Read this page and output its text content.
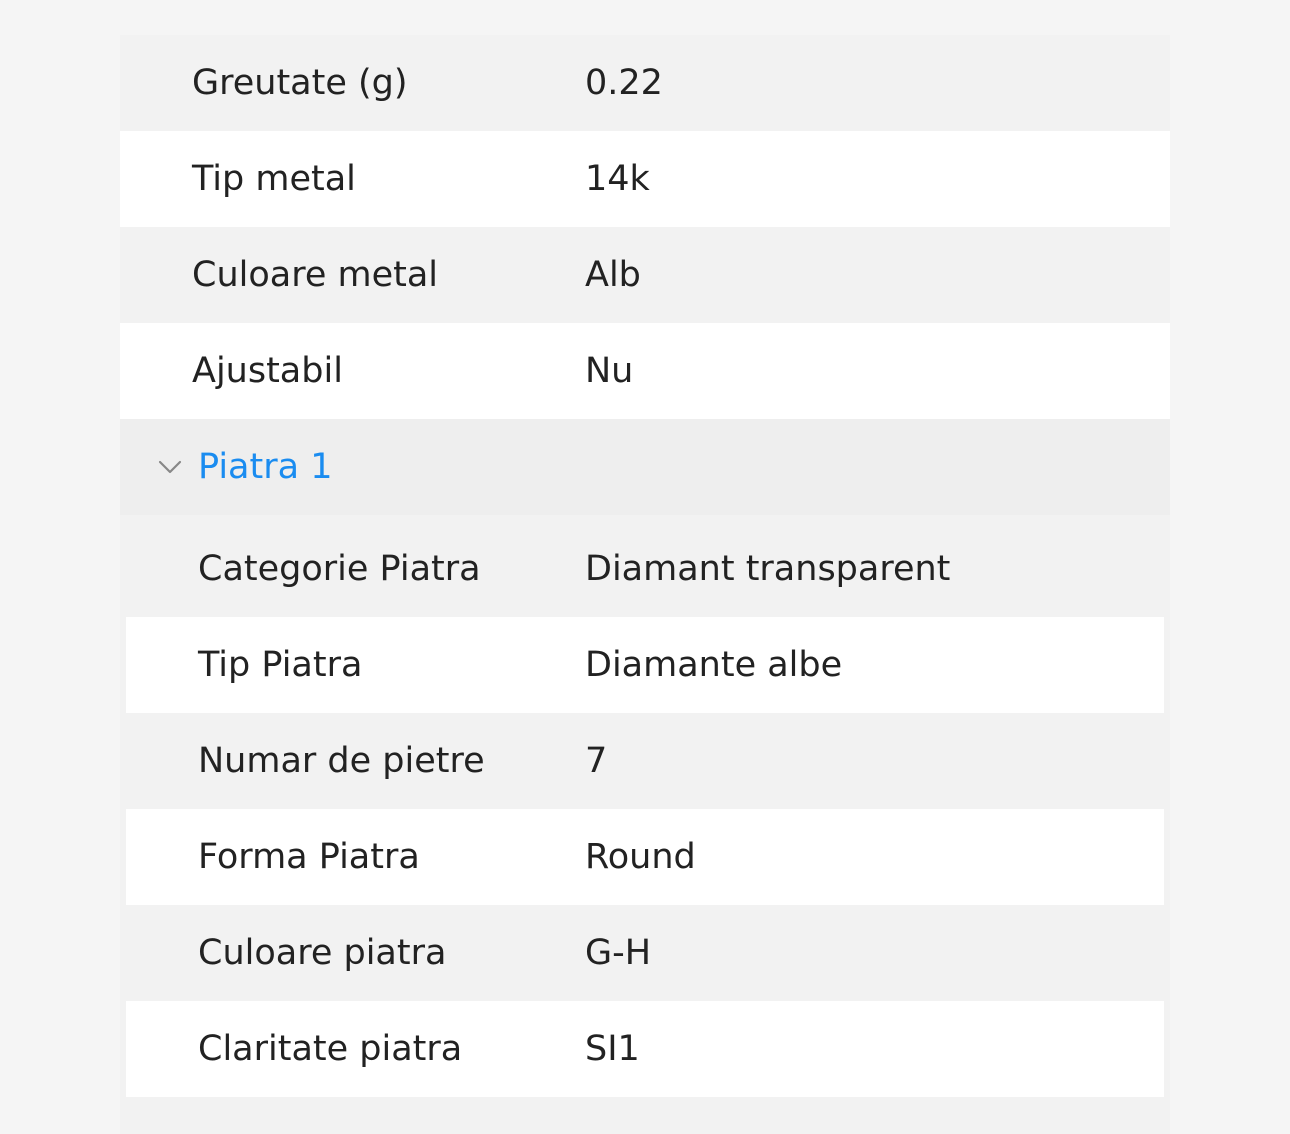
Greutate (g)	0.22
Tip metal	14k
Culoare metal	Alb
Ajustabil	Nu
Piatra 1
Categorie Piatra	Diamant transparent
Tip Piatra	Diamante albe
Numar de pietre	7
Forma Piatra	Round
Culoare piatra	G-H
Claritate piatra	SI1
